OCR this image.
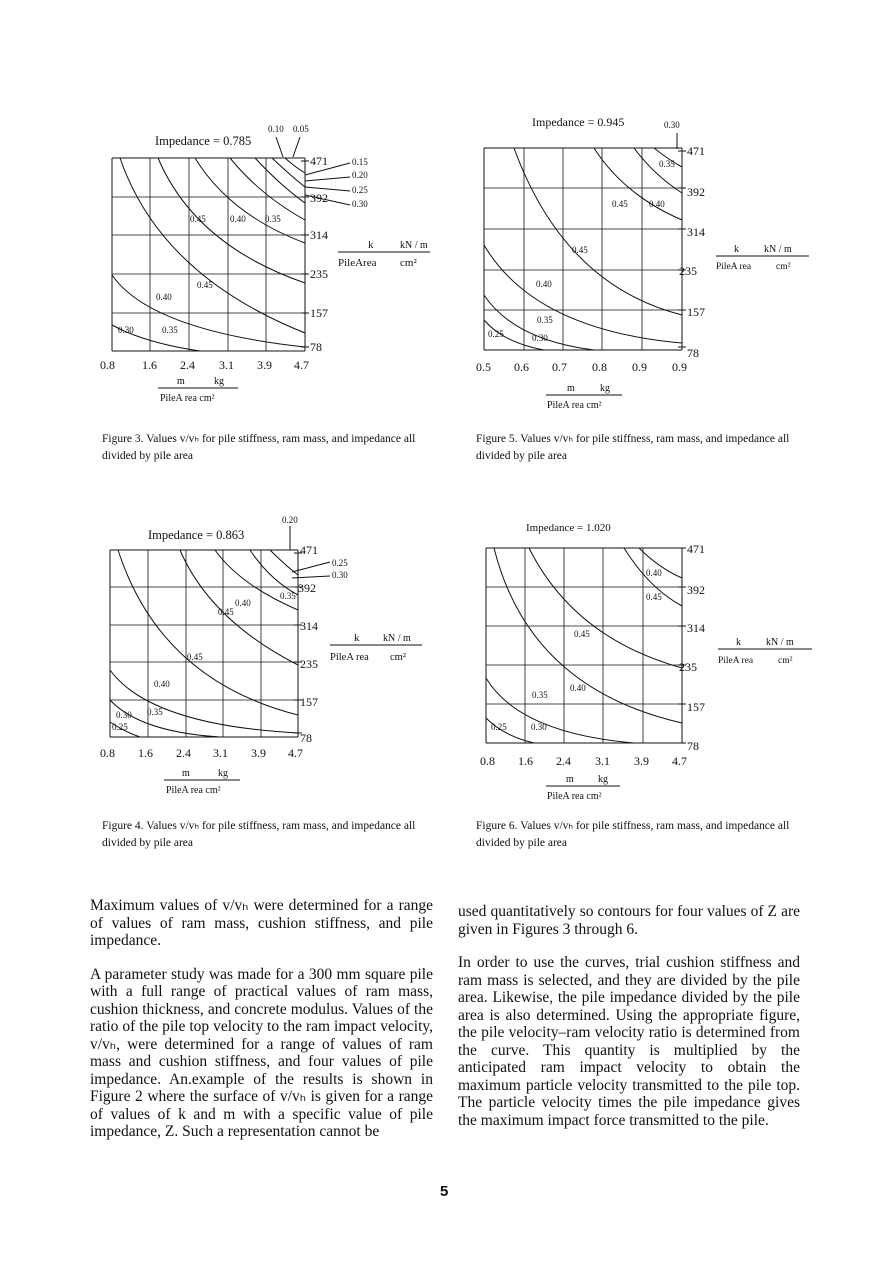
Impedance = 0.785
0.10 0.05
471
392
314
235
157
78
0.15
0.20
0.25
0.30
0.45	0.40 0.35
0.45
0.40
0.30	0.35
0.8 1.6 2.4 3.1 3.9 4.7
k	kN / m
PileArea cm²
m	kg
PileA rea cm²
Figure 3. Values v/vₕ for pile stiffness, ram mass, and impedance all divided by pile area
Impedance = 0.945	0.30
471
392
314
235
157
78
0.35
0.45 0.40
0.45
0.40
0.35
0.25	0.30
0.5 0.6 0.7 0.8 0.9 0.9
k	kN / m
PileA rea	cm²
m	kg
PileA rea cm²
Figure 5. Values v/vₕ for pile stiffness, ram mass, and impedance all divided by pile area
Impedance = 0.863
0.20
471
392
314
235
157
78
0.25
0.30
0.35
0.40
0.45
0.45
0.40
0.30 0.35
0.25
0.8 1.6 2.4 3.1 3.9 4.7
k kN / m
PileA rea cm²
m	kg
PileA rea cm²
Figure 4. Values v/vₕ for pile stiffness, ram mass, and impedance all divided by pile area
Impedance = 1.020
471
392
314
235
157
78
0.40
0.45
0.45
0.35
0.40
0.25	0.30
0.8 1.6 2.4 3.1 3.9 4.7
k	kN / m
PileA rea	cm²
m kg
PileA rea cm²
Figure 6. Values v/vₕ for pile stiffness, ram mass, and impedance all divided by pile area

Maximum values of v/vₕ were determined for a range of values of ram mass, cushion stiffness, and pile impedance.

A parameter study was made for a 300 mm square pile with a full range of practical values of ram mass, cushion thickness, and concrete modulus. Values of the ratio of the pile top velocity to the ram impact velocity, v/vₕ, were determined for a range of values of ram mass and cushion stiffness, and four values of pile impedance. An.example of the results is shown in Figure 2 where the surface of v/vₕ is given for a range of values of k and m with a specific value of pile impedance, Z. Such a representation cannot be

used quantitatively so contours for four values of Z are given in Figures 3 through 6.

In order to use the curves, trial cushion stiffness and ram mass is selected, and they are divided by the pile area. Likewise, the pile impedance divided by the pile area is also determined. Using the appropriate figure, the pile velocity–ram velocity ratio is determined from the curve. This quantity is multiplied by the anticipated ram impact velocity to obtain the maximum particle velocity transmitted to the pile top. The particle velocity times the pile impedance gives the maximum impact force transmitted to the pile.

5
